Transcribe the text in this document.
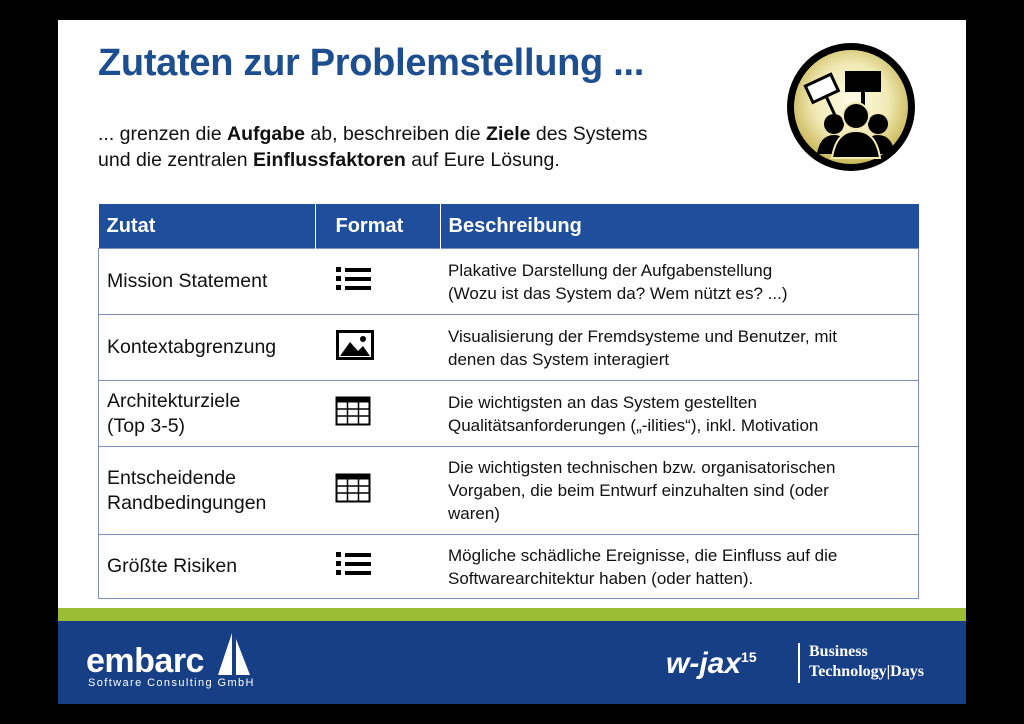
Zutaten zur Problemstellung ...
... grenzen die Aufgabe ab, beschreiben die Ziele des Systems
und die zentralen Einflussfaktoren auf Eure Lösung.
Zutat	Format	Beschreibung
Mission Statement		Plakative Darstellung der Aufgabenstellung
(Wozu ist das System da? Wem nützt es? ...)
Kontextabgrenzung		Visualisierung der Fremdsysteme und Benutzer, mit
denen das System interagiert
Architekturziele
(Top 3-5)		Die wichtigsten an das System gestellten
Qualitätsanforderungen („-ilities“), inkl. Motivation
Entscheidende
Randbedingungen		Die wichtigsten technischen bzw. organisatorischen
Vorgaben, die beim Entwurf einzuhalten sind (oder
waren)
Größte Risiken		Mögliche schädliche Ereignisse, die Einfluss auf die
Softwarearchitektur haben (oder hatten).
embarc
Software Consulting GmbH
w-jax$^{15}$	Business
Technology|Days
